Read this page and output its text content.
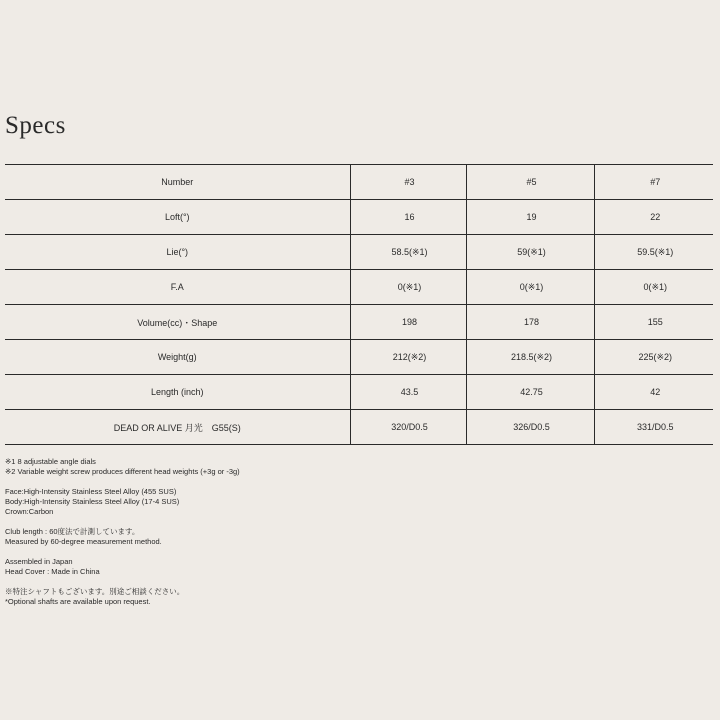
Specs
Number	#3	#5	#7
Loft(°)	16	19	22
Lie(°)	58.5(※1)	59(※1)	59.5(※1)
F.A	0(※1)	0(※1)	0(※1)
Volume(cc)・Shape	198	178	155
Weight(g)	212(※2)	218.5(※2)	225(※2)
Length (inch)	43.5	42.75	42
DEAD OR ALIVE 月光　G55(S)	320/D0.5	326/D0.5	331/D0.5
※1 8 adjustable angle dials
※2 Variable weight screw produces different head weights (+3g or -3g)
Face:High-Intensity Stainless Steel Alloy (455 SUS)
Body:High-Intensity Stainless Steel Alloy (17-4 SUS)
Crown:Carbon
Club length : 60度法で計測しています。
Measured by 60-degree measurement method.
Assembled in Japan
Head Cover : Made in China
※特注シャフトもございます。別途ご相談ください。
*Optional shafts are available upon request.
